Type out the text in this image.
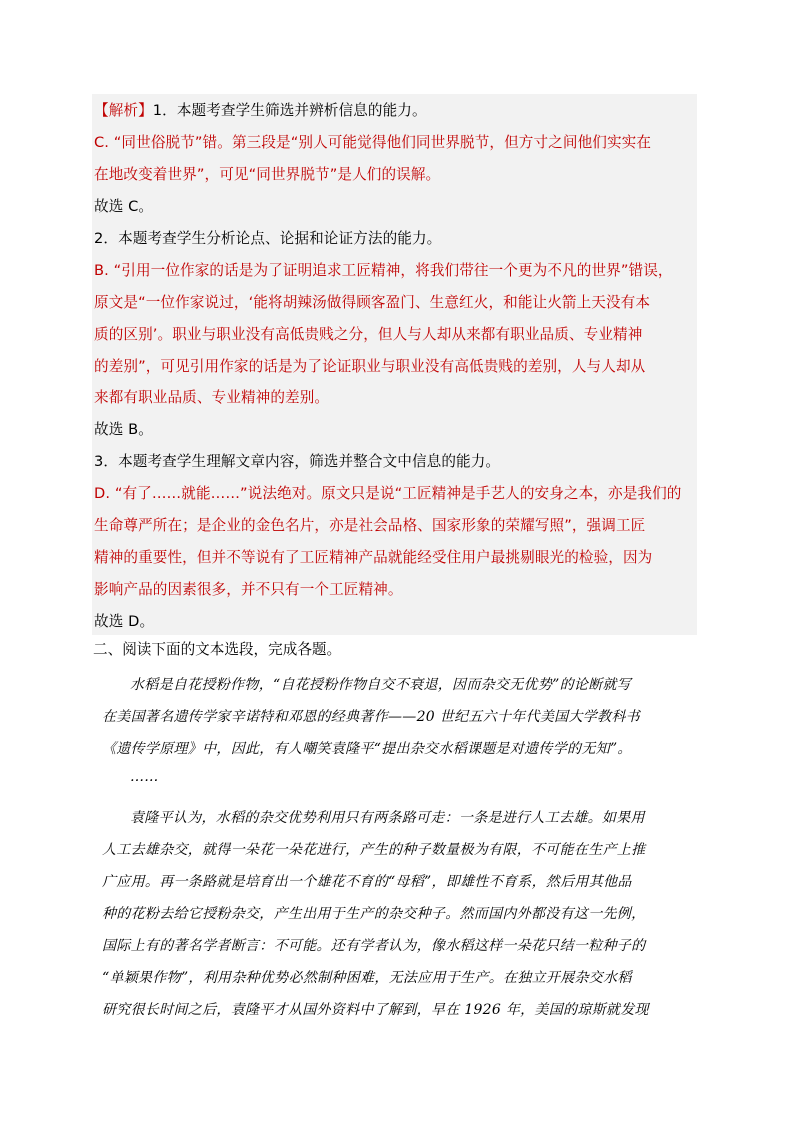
【解析】1．本题考查学生筛选并辨析信息的能力。
C. “同世俗脱节”错。第三段是“别人可能觉得他们同世界脱节，但方寸之间他们实实在
在地改变着世界”，可见“同世界脱节”是人们的误解。
故选 C。
2．本题考查学生分析论点、论据和论证方法的能力。
B. “引用一位作家的话是为了证明追求工匠精神，将我们带往一个更为不凡的世界”错误，
原文是“一位作家说过，‘能将胡辣汤做得顾客盈门、生意红火，和能让火箭上天没有本
质的区别’。职业与职业没有高低贵贱之分，但人与人却从来都有职业品质、专业精神
的差别”，可见引用作家的话是为了论证职业与职业没有高低贵贱的差别，人与人却从
来都有职业品质、专业精神的差别。
故选 B。
3．本题考查学生理解文章内容，筛选并整合文中信息的能力。
D. “有了……就能……”说法绝对。原文只是说“工匠精神是手艺人的安身之本，亦是我们的
生命尊严所在；是企业的金色名片，亦是社会品格、国家形象的荣耀写照”，强调工匠
精神的重要性，但并不等说有了工匠精神产品就能经受住用户最挑剔眼光的检验，因为
影响产品的因素很多，并不只有一个工匠精神。
故选 D。
二、阅读下面的文本选段，完成各题。
水稻是自花授粉作物，“自花授粉作物自交不衰退，因而杂交无优势”的论断就写
在美国著名遗传学家辛诺特和邓恩的经典著作——20 世纪五六十年代美国大学教科书
《遗传学原理》中，因此，有人嘲笑袁隆平“提出杂交水稻课题是对遗传学的无知”。
……
袁隆平认为，水稻的杂交优势利用只有两条路可走：一条是进行人工去雄。如果用
人工去雄杂交，就得一朵花一朵花进行，产生的种子数量极为有限，不可能在生产上推
广应用。再一条路就是培育出一个雄花不育的“母稻”，即雄性不育系，然后用其他品
种的花粉去给它授粉杂交，产生出用于生产的杂交种子。然而国内外都没有这一先例，
国际上有的著名学者断言：不可能。还有学者认为，像水稻这样一朵花只结一粒种子的
“单颖果作物”，利用杂种优势必然制种困难，无法应用于生产。在独立开展杂交水稻
研究很长时间之后，袁隆平才从国外资料中了解到，早在 1926 年，美国的琼斯就发现
